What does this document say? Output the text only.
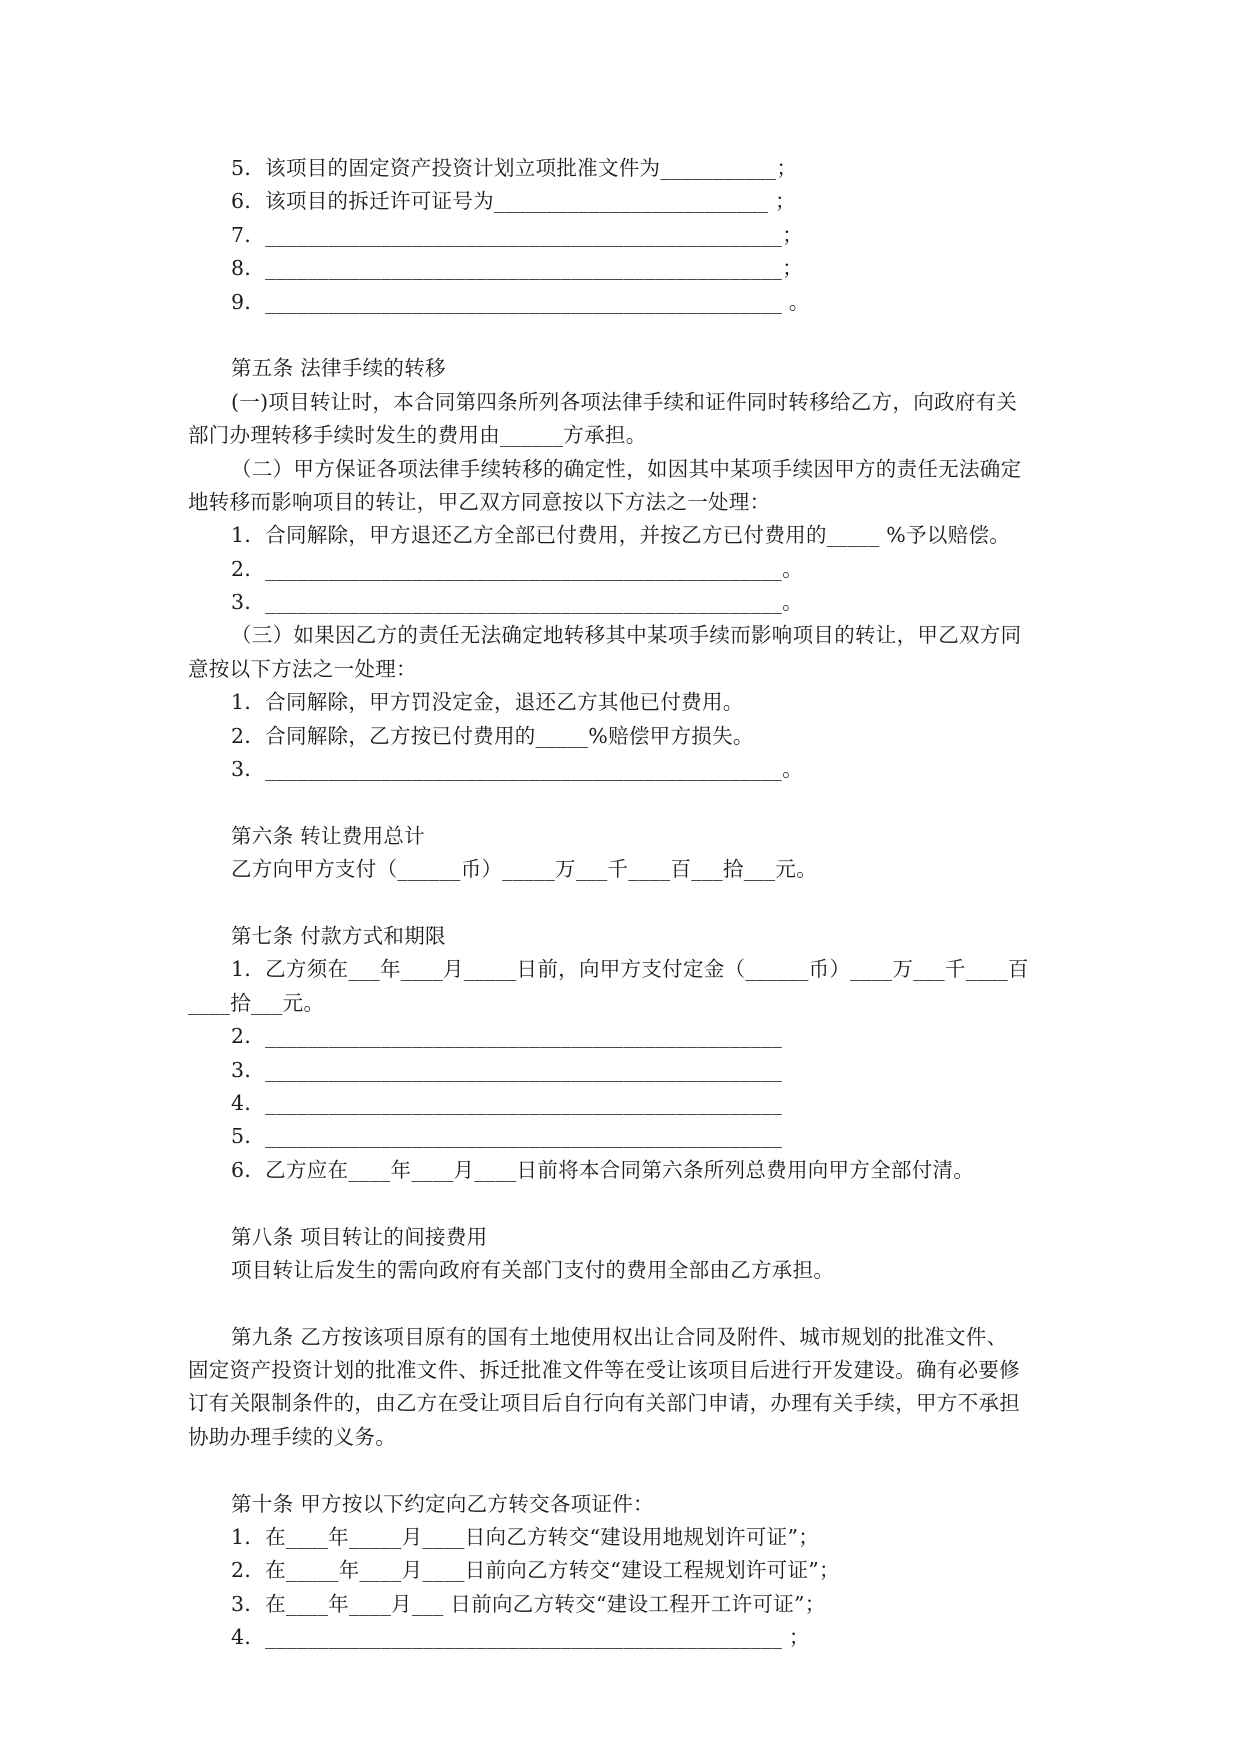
5．该项目的固定资产投资计划立项批准文件为___________；
6．该项目的拆迁许可证号为__________________________ ；
7．_________________________________________________；
8．_________________________________________________；
9．_________________________________________________ 。
第五条 法律手续的转移
(一)项目转让时，本合同第四条所列各项法律手续和证件同时转移给乙方，向政府有关
部门办理转移手续时发生的费用由______方承担。
（二）甲方保证各项法律手续转移的确定性，如因其中某项手续因甲方的责任无法确定
地转移而影响项目的转让，甲乙双方同意按以下方法之一处理：
1．合同解除，甲方退还乙方全部已付费用，并按乙方已付费用的_____ %予以赔偿。
2．_________________________________________________。
3．_________________________________________________。
（三）如果因乙方的责任无法确定地转移其中某项手续而影响项目的转让，甲乙双方同
意按以下方法之一处理：
1．合同解除，甲方罚没定金，退还乙方其他已付费用。
2．合同解除，乙方按已付费用的_____%赔偿甲方损失。
3．_________________________________________________。
第六条 转让费用总计
乙方向甲方支付（______币）_____万___千____百___拾___元。
第七条 付款方式和期限
1．乙方须在___年____月_____日前，向甲方支付定金（______币）____万___千____百
____拾___元。
2．_________________________________________________
3．_________________________________________________
4．_________________________________________________
5．_________________________________________________
6．乙方应在____年____月____日前将本合同第六条所列总费用向甲方全部付清。
第八条 项目转让的间接费用
项目转让后发生的需向政府有关部门支付的费用全部由乙方承担。
第九条 乙方按该项目原有的国有土地使用权出让合同及附件、城市规划的批准文件、
固定资产投资计划的批准文件、拆迁批准文件等在受让该项目后进行开发建设。确有必要修
订有关限制条件的，由乙方在受让项目后自行向有关部门申请，办理有关手续，甲方不承担
协助办理手续的义务。
第十条 甲方按以下约定向乙方转交各项证件：
1．在____年_____月____日向乙方转交“建设用地规划许可证”；
2．在_____年____月____日前向乙方转交“建设工程规划许可证”；
3．在____年____月___ 日前向乙方转交“建设工程开工许可证”；
4．_________________________________________________ ；
